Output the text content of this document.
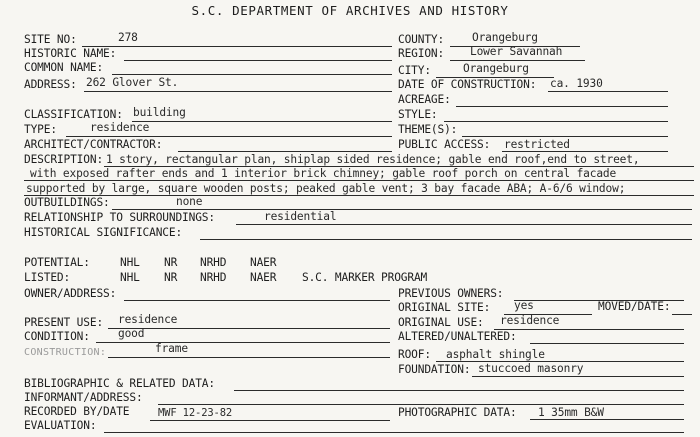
S.C. DEPARTMENT OF ARCHIVES AND HISTORY
SITE NO:	278
HISTORIC NAME:
COMMON NAME:
ADDRESS: 262 Glover St.
CLASSIFICATION: building
TYPE:	residence
ARCHITECT/CONTRACTOR:
COUNTY: Orangeburg
REGION: Lower Savannah
CITY:	Orangeburg
DATE OF CONSTRUCTION: ca. 1930
ACREAGE:
STYLE:
THEME(S):
PUBLIC ACCESS: restricted
DESCRIPTION: 1 story, rectangular plan, shiplap sided residence; gable end roof,end to street,
with exposed rafter ends and 1 interior brick chimney; gable roof porch on central facade
supported by large, square wooden posts; peaked gable vent; 3 bay facade ABA; A-6/6 window;
OUTBUILDINGS:	none
RELATIONSHIP TO SURROUNDINGS:	residential
HISTORICAL SIGNIFICANCE:
POTENTIAL:	NHL NR NRHD NAER
LISTED:	NHL NR NRHD NAER S.C. MARKER PROGRAM
OWNER/ADDRESS:	PREVIOUS OWNERS:
ORIGINAL SITE: yes	MOVED/DATE:
PRESENT USE: residence	ORIGINAL USE: residence
CONDITION:	good	ALTERED/UNALTERED:
CONSTRUCTION:	frame	ROOF: asphalt shingle
FOUNDATION: stuccoed masonry
BIBLIOGRAPHIC & RELATED DATA:
INFORMANT/ADDRESS:
RECORDED BY/DATE	MWF 12-23-82	PHOTOGRAPHIC DATA: 1 35mm B&W
EVALUATION:
